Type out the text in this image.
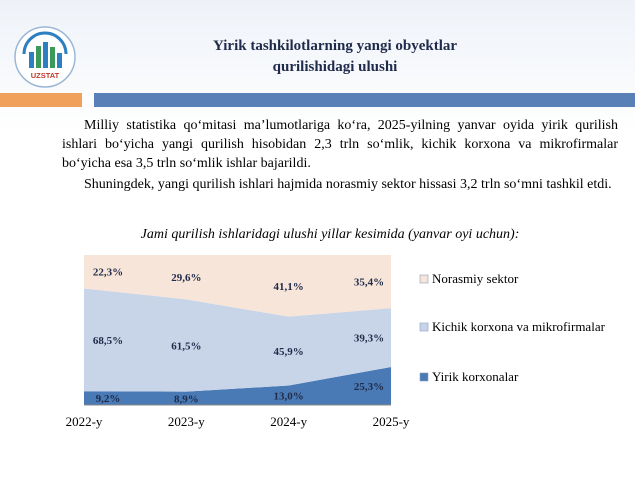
UZSTAT
Yirik tashkilotlarning yangi obyektlar
qurilishidagi ulushi

Milliy statistika qo‘mitasi ma’lumotlariga ko‘ra, 2025-yilning yanvar oyida yirik qurilish ishlari bo‘yicha yangi qurilish hisobidan 2,3 trln so‘mlik, kichik korxona va mikrofirmalar bo‘yicha esa 3,5 trln so‘mlik ishlar bajarildi.

Shuningdek, yangi qurilish ishlari hajmida norasmiy sektor hissasi 3,2 trln so‘mni tashkil etdi.

Jami qurilish ishlaridagi ulushi yillar kesimida (yanvar oyi uchun):
9,2%	8,9%	13,0%
25,3%
68,5%	61,5%	45,9%
39,3%
22,3%	29,6%
41,1%	35,4%
2022-y	2023-y	2024-y	2025-y
Norasmiy sektor
Kichik korxona va mikrofirmalar
Yirik korxonalar
